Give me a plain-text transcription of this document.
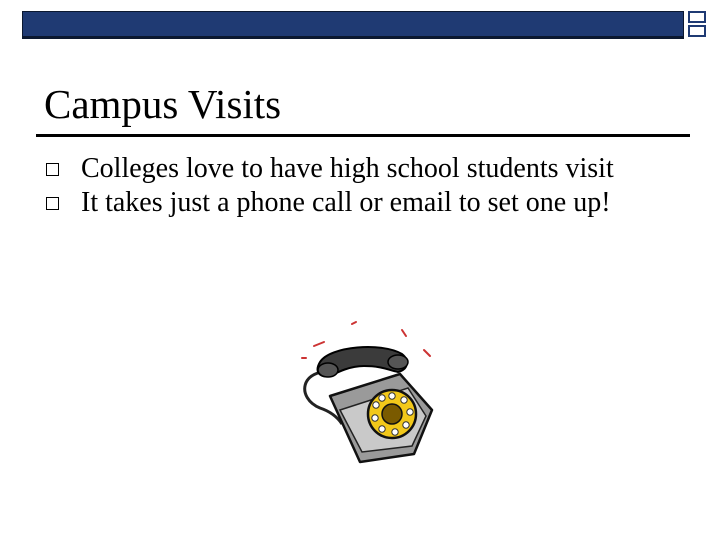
Campus Visits
Colleges love to have high school students visit
It takes just a phone call or email to set one up!
